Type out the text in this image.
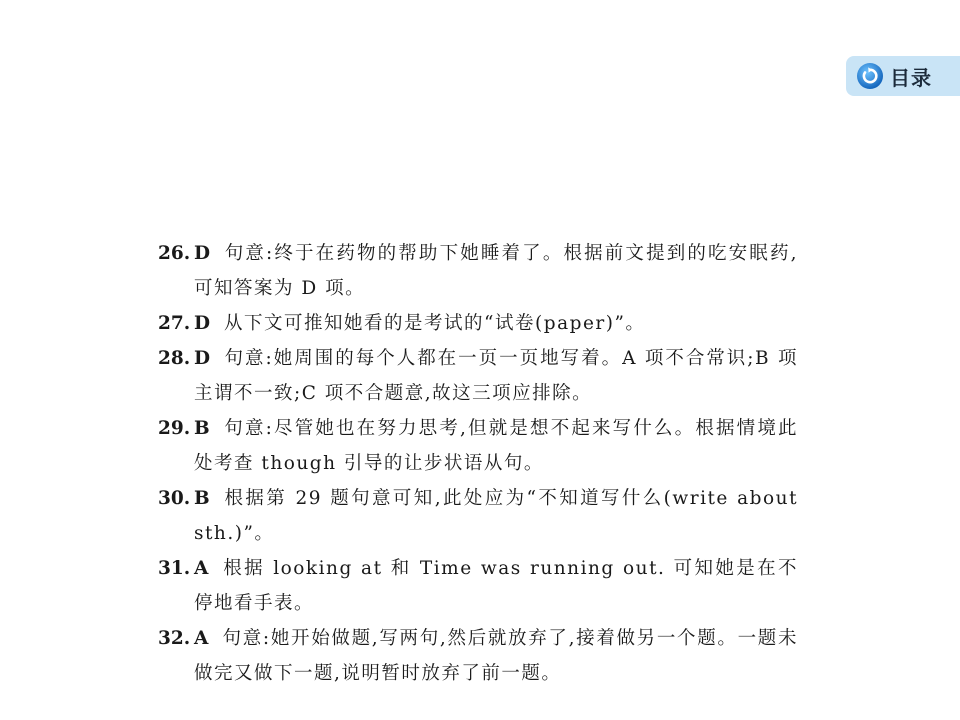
目录
26. D 句意:终于在药物的帮助下她睡着了。根据前文提到的吃安眠药,可知答案为 D 项。
27. D 从下文可推知她看的是考试的“试卷(paper)”。
28. D 句意:她周围的每个人都在一页一页地写着。A 项不合常识;B 项主谓不一致;C 项不合题意,故这三项应排除。
29. B 句意:尽管她也在努力思考,但就是想不起来写什么。根据情境此处考查 though 引导的让步状语从句。
30. B 根据第 29 题句意可知,此处应为“不知道写什么(write about sth.)”。
31. A 根据 looking at 和 Time was running out. 可知她是在不停地看手表。
32. A 句意:她开始做题,写两句,然后就放弃了,接着做另一个题。一题未做完又做下一题,说明暂时放弃了前一题。
